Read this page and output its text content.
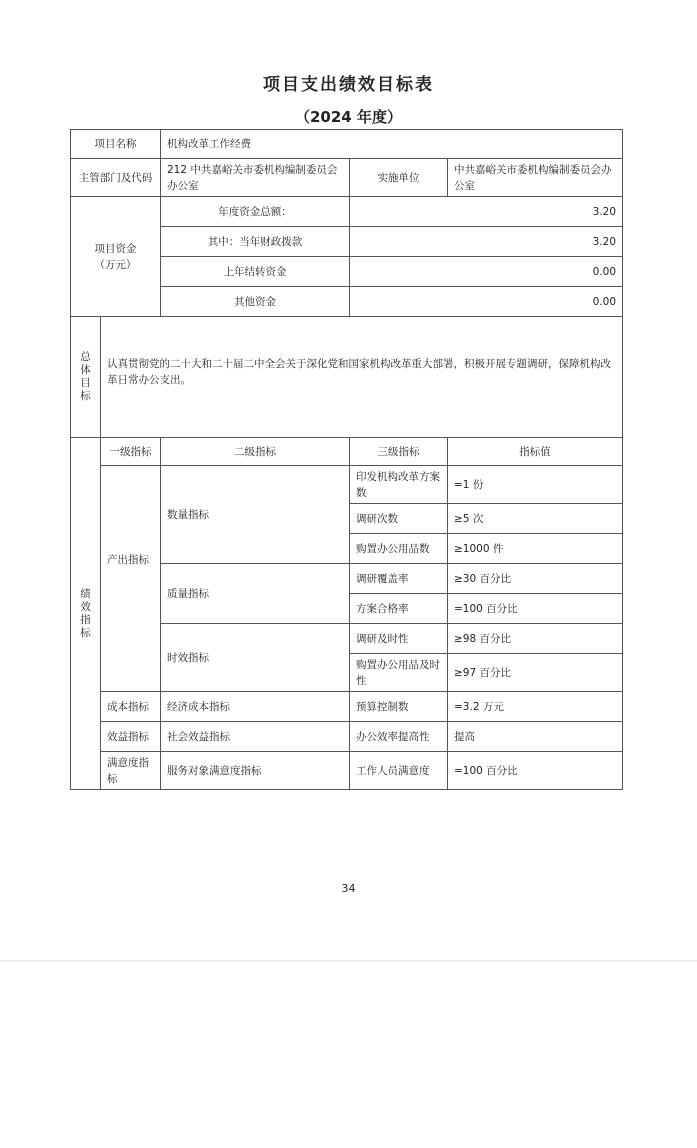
项目支出绩效目标表
（2024 年度）
项目名称		机构改革工作经费		
主管部门及代码		212 中共嘉峪关市委机构编制委员会办公室	实施单位	中共嘉峪关市委机构编制委员会办公室

项目资金
（万元）		年度资金总额：	3.20	
		其中：当年财政拨款	3.20	
		上年结转资金	0.00	
		其他资金	0.00	

总体目标	认真贯彻党的二十大和二十届二中全会关于深化党和国家机构改革重大部署，积极开展专题调研，保障机构改革日常办公支出。			

绩效指标	一级指标	二级指标	三级指标	指标值
	产出指标	数量指标	印发机构改革方案数	=1 份
			调研次数	≥5 次
			购置办公用品数	≥1000 件
		质量指标	调研覆盖率	≥30 百分比
			方案合格率	=100 百分比
		时效指标	调研及时性	≥98 百分比
			购置办公用品及时性	≥97 百分比
	成本指标	经济成本指标	预算控制数	=3.2 万元
	效益指标	社会效益指标	办公效率提高性	提高
	满意度指标	服务对象满意度指标	工作人员满意度	=100 百分比
34
